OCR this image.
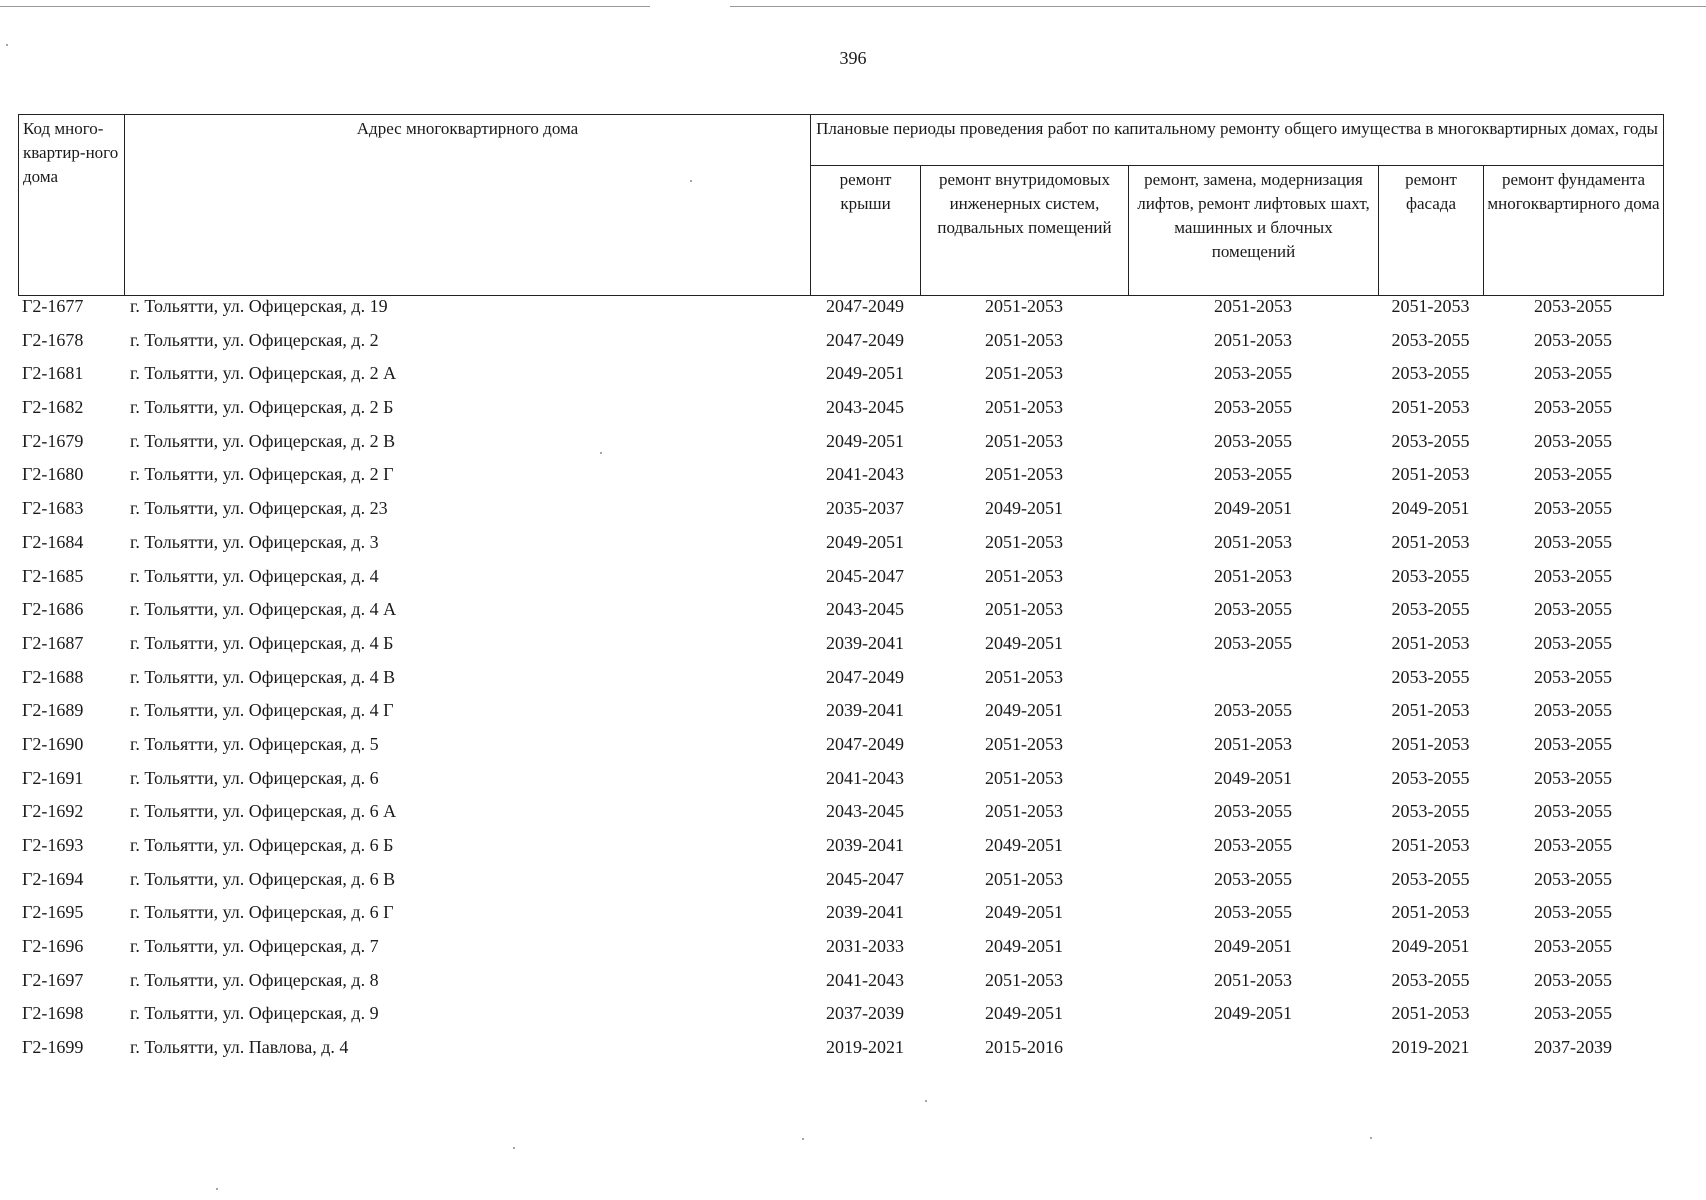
396
Код много-квартир-ного дома	Адрес многоквартирного дома	Плановые периоды проведения работ по капитальному ремонту общего имущества в многоквартирных домах, годы				
		ремонт крыши	ремонт внутридомовых инженерных систем, подвальных помещений	ремонт, замена, модернизация лифтов, ремонт лифтовых шахт, машинных и блочных помещений	ремонт фасада	ремонт фундамента многоквартирного дома
Г2-1677	г. Тольятти, ул. Офицерская, д. 19	2047-2049	2051-2053	2051-2053	2051-2053	2053-2055
Г2-1678	г. Тольятти, ул. Офицерская, д. 2	2047-2049	2051-2053	2051-2053	2053-2055	2053-2055
Г2-1681	г. Тольятти, ул. Офицерская, д. 2 А	2049-2051	2051-2053	2053-2055	2053-2055	2053-2055
Г2-1682	г. Тольятти, ул. Офицерская, д. 2 Б	2043-2045	2051-2053	2053-2055	2051-2053	2053-2055
Г2-1679	г. Тольятти, ул. Офицерская, д. 2 В	2049-2051	2051-2053	2053-2055	2053-2055	2053-2055
Г2-1680	г. Тольятти, ул. Офицерская, д. 2 Г	2041-2043	2051-2053	2053-2055	2051-2053	2053-2055
Г2-1683	г. Тольятти, ул. Офицерская, д. 23	2035-2037	2049-2051	2049-2051	2049-2051	2053-2055
Г2-1684	г. Тольятти, ул. Офицерская, д. 3	2049-2051	2051-2053	2051-2053	2051-2053	2053-2055
Г2-1685	г. Тольятти, ул. Офицерская, д. 4	2045-2047	2051-2053	2051-2053	2053-2055	2053-2055
Г2-1686	г. Тольятти, ул. Офицерская, д. 4 А	2043-2045	2051-2053	2053-2055	2053-2055	2053-2055
Г2-1687	г. Тольятти, ул. Офицерская, д. 4 Б	2039-2041	2049-2051	2053-2055	2051-2053	2053-2055
Г2-1688	г. Тольятти, ул. Офицерская, д. 4 В	2047-2049	2051-2053		2053-2055	2053-2055
Г2-1689	г. Тольятти, ул. Офицерская, д. 4 Г	2039-2041	2049-2051	2053-2055	2051-2053	2053-2055
Г2-1690	г. Тольятти, ул. Офицерская, д. 5	2047-2049	2051-2053	2051-2053	2051-2053	2053-2055
Г2-1691	г. Тольятти, ул. Офицерская, д. 6	2041-2043	2051-2053	2049-2051	2053-2055	2053-2055
Г2-1692	г. Тольятти, ул. Офицерская, д. 6 А	2043-2045	2051-2053	2053-2055	2053-2055	2053-2055
Г2-1693	г. Тольятти, ул. Офицерская, д. 6 Б	2039-2041	2049-2051	2053-2055	2051-2053	2053-2055
Г2-1694	г. Тольятти, ул. Офицерская, д. 6 В	2045-2047	2051-2053	2053-2055	2053-2055	2053-2055
Г2-1695	г. Тольятти, ул. Офицерская, д. 6 Г	2039-2041	2049-2051	2053-2055	2051-2053	2053-2055
Г2-1696	г. Тольятти, ул. Офицерская, д. 7	2031-2033	2049-2051	2049-2051	2049-2051	2053-2055
Г2-1697	г. Тольятти, ул. Офицерская, д. 8	2041-2043	2051-2053	2051-2053	2053-2055	2053-2055
Г2-1698	г. Тольятти, ул. Офицерская, д. 9	2037-2039	2049-2051	2049-2051	2051-2053	2053-2055
Г2-1699	г. Тольятти, ул. Павлова, д. 4	2019-2021	2015-2016		2019-2021	2037-2039
